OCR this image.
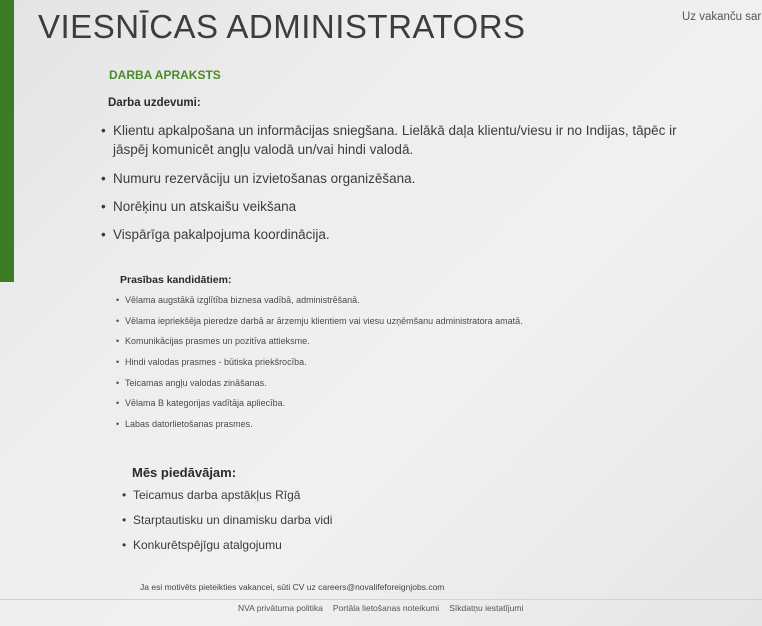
VIESNĪCAS ADMINISTRATORS	Uz vakanču sar
DARBA APRAKSTS
Darba uzdevumi:
• Klientu apkalpošana un informācijas sniegšana. Lielākā daļa klientu/viesu ir no Indijas, tāpēc ir jāspēj komunicēt angļu valodā un/vai hindi valodā.
• Numuru rezervāciju un izvietošanas organizēšana.
• Norēķinu un atskaišu veikšana
• Vispārīga pakalpojuma koordinācija.
Prasības kandidātiem:
• Vēlama augstākā izglītība biznesa vadībā, administrēšanā.
• Vēlama iepriekšēja pieredze darbā ar ārzemju klientiem vai viesu uzņēmšanu administratora amatā.
• Komunikācijas prasmes un pozitīva attieksme.
• Hindi valodas prasmes - būtiska priekšrocība.
• Teicamas angļu valodas zināšanas.
• Vēlama B kategorijas vadītāja apliecība.
• Labas datorlietošanas prasmes.
Mēs piedāvājam:
• Teicamus darba apstākļus Rīgā
• Starptautisku un dinamisku darba vidi
• Konkurētspējīgu atalgojumu
Ja esi motivēts pieteikties vakancei, sūti CV uz careers@novalifeforeignjobs.com
NVA privātuma politika Portāla lietošanas noteikumi Sīkdatņu iestatījumi
